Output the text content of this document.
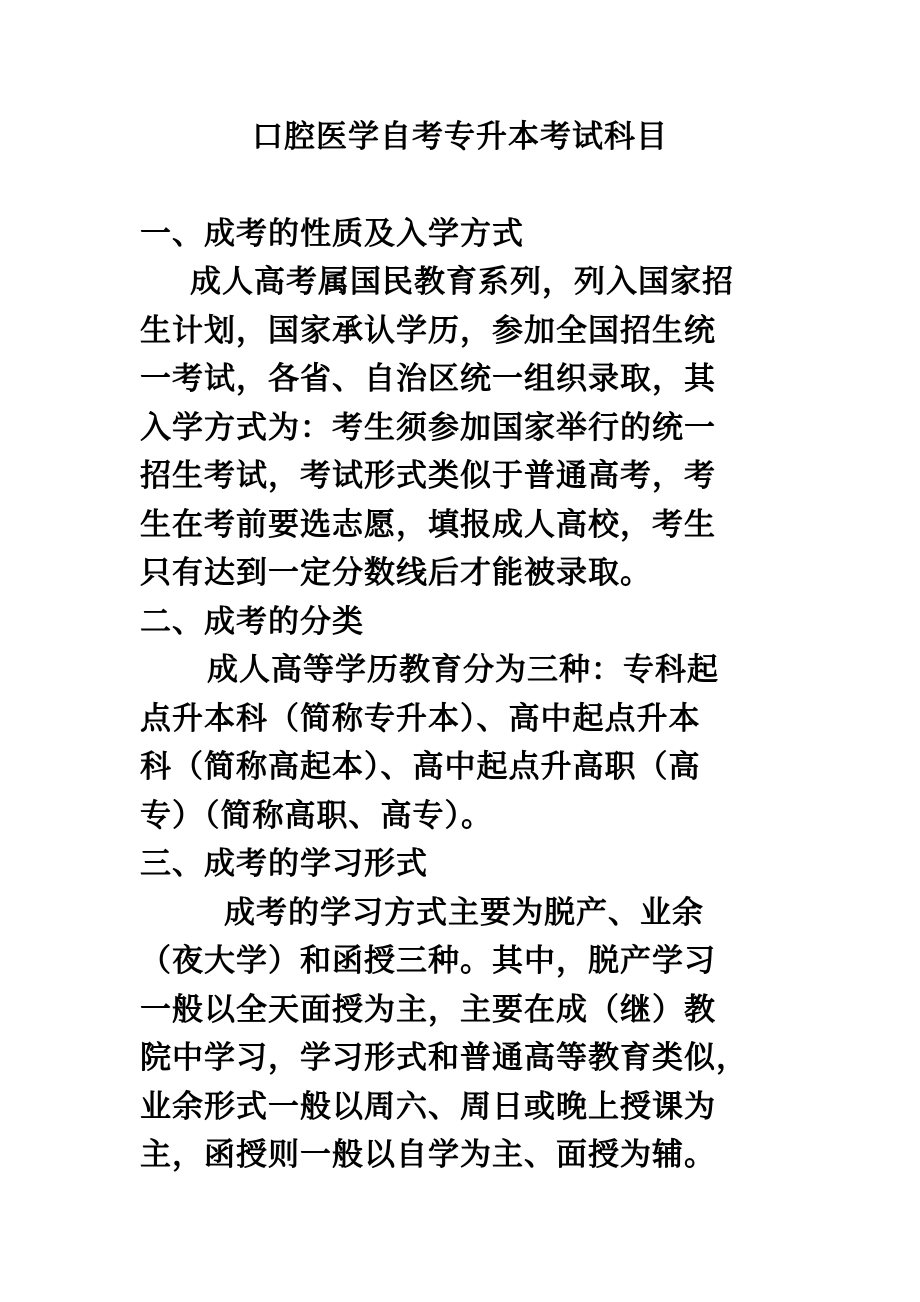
口腔医学自考专升本考试科目
一、成考的性质及入学方式
成人高考属国民教育系列，列入国家招
生计划，国家承认学历，参加全国招生统
一考试，各省、自治区统一组织录取，其
入学方式为：考生须参加国家举行的统一
招生考试，考试形式类似于普通高考，考
生在考前要选志愿，填报成人高校，考生
只有达到一定分数线后才能被录取。
二、成考的分类
成人高等学历教育分为三种：专科起
点升本科（简称专升本）、高中起点升本
科（简称高起本）、高中起点升高职（高
专）（简称高职、高专）。
三、成考的学习形式
成考的学习方式主要为脱产、业余
（夜大学）和函授三种。其中，脱产学习
一般以全天面授为主，主要在成（继）教
院中学习，学习形式和普通高等教育类似，
业余形式一般以周六、周日或晚上授课为
主，函授则一般以自学为主、面授为辅。
